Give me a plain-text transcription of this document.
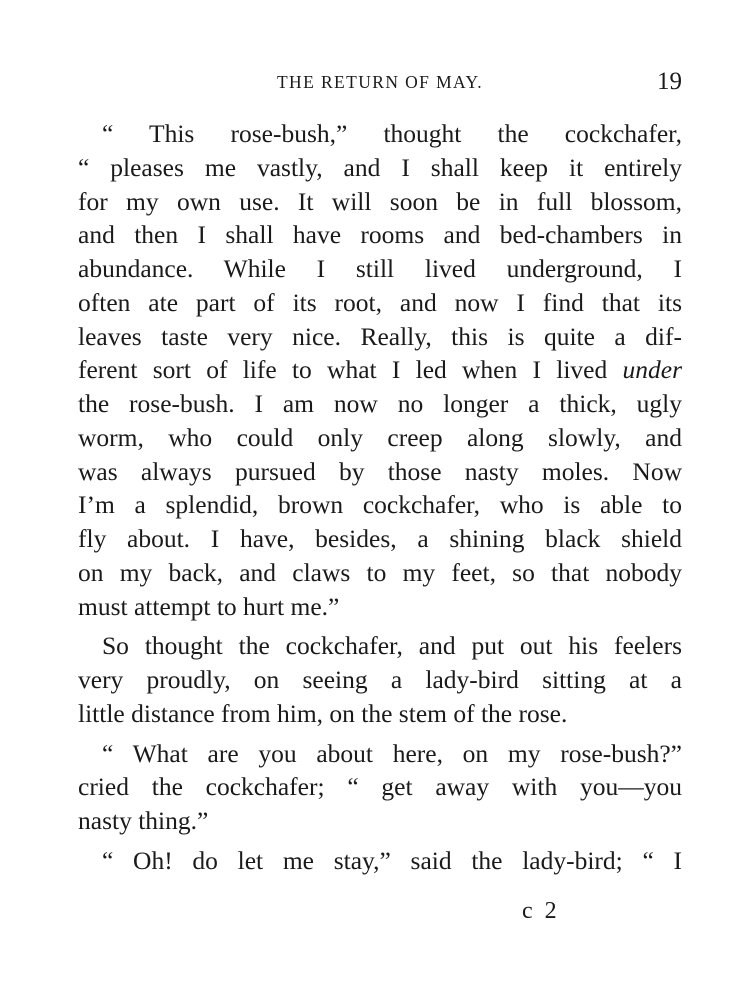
THE RETURN OF MAY.	19
“ This rose-bush,” thought the cockchafer,
“ pleases me vastly, and I shall keep it entirely
for my own use. It will soon be in full blossom,
and then I shall have rooms and bed-chambers in
abundance. While I still lived underground, I
often ate part of its root, and now I find that its
leaves taste very nice. Really, this is quite a dif-
ferent sort of life to what I led when I lived under
the rose-bush. I am now no longer a thick, ugly
worm, who could only creep along slowly, and
was always pursued by those nasty moles. Now
I’m a splendid, brown cockchafer, who is able to
fly about. I have, besides, a shining black shield
on my back, and claws to my feet, so that nobody
must attempt to hurt me.”
So thought the cockchafer, and put out his feelers
very proudly, on seeing a lady-bird sitting at a
little distance from him, on the stem of the rose.
“ What are you about here, on my rose-bush?”
cried the cockchafer; “ get away with you—you
nasty thing.”
“ Oh! do let me stay,” said the lady-bird; “ I
c 2
